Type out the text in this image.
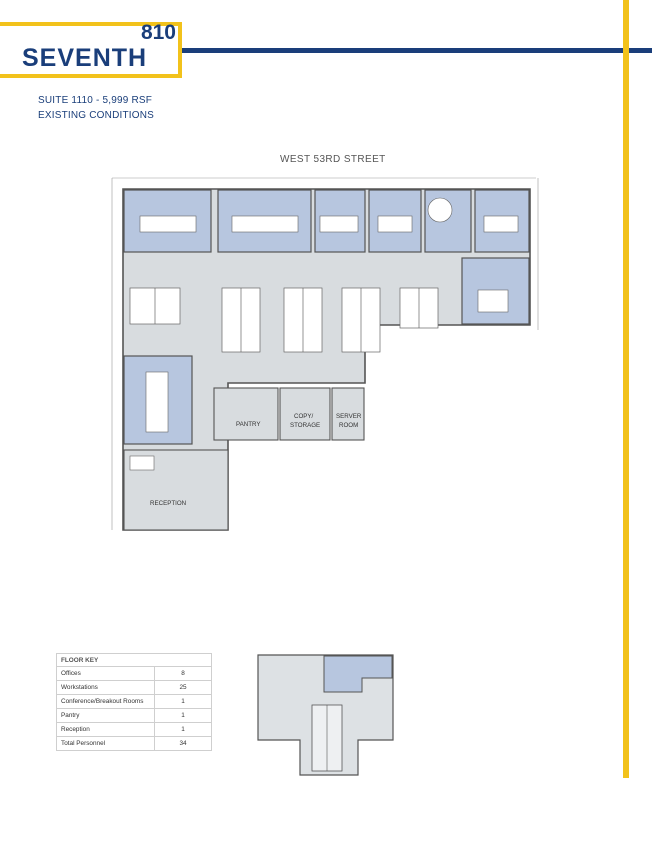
810
SEVENTH
SUITE 1110 - 5,999 RSF
EXISTING CONDITIONS
WEST 53RD STREET
PANTRY
COPY/
STORAGE
SERVER
ROOM
RECEPTION
FLOOR KEY	
Offices	8
Workstations	25
Conference/Breakout Rooms	1
Pantry	1
Reception	1
Total Personnel	34
